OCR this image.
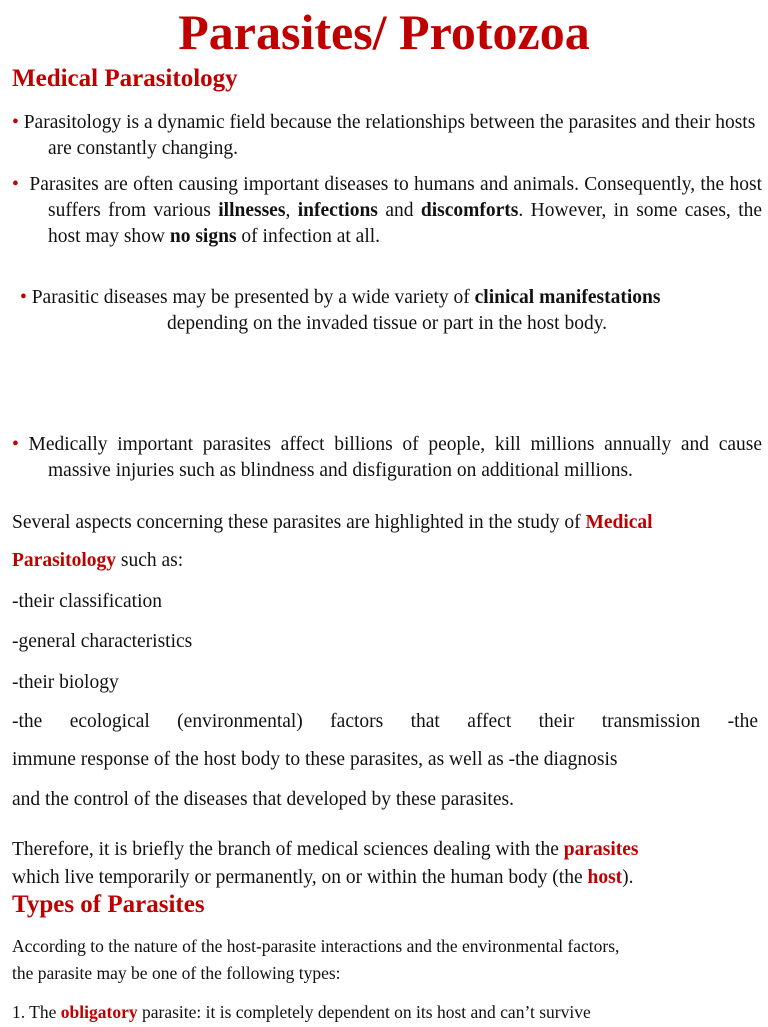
Parasites/ Protozoa
Medical Parasitology
• Parasitology is a dynamic field because the relationships between the parasites and their hosts are constantly changing.
• Parasites are often causing important diseases to humans and animals. Consequently, the host suffers from various illnesses, infections and discomforts. However, in some cases, the host may show no signs of infection at all.
• Parasitic diseases may be presented by a wide variety of clinical manifestations
depending on the invaded tissue or part in the host body.
• Medically important parasites affect billions of people, kill millions annually and cause massive injuries such as blindness and disfiguration on additional millions.
Several aspects concerning these parasites are highlighted in the study of Medical
Parasitology such as:
-their classification
-general characteristics
-their biology
-the ecological (environmental) factors that affect their transmission -the
immune response of the host body to these parasites, as well as -the diagnosis
and the control of the diseases that developed by these parasites.
Therefore, it is briefly the branch of medical sciences dealing with the parasites
which live temporarily or permanently, on or within the human body (the host).
Types of Parasites
According to the nature of the host-parasite interactions and the environmental factors,
the parasite may be one of the following types:
1. The obligatory parasite: it is completely dependent on its host and can’t survive
